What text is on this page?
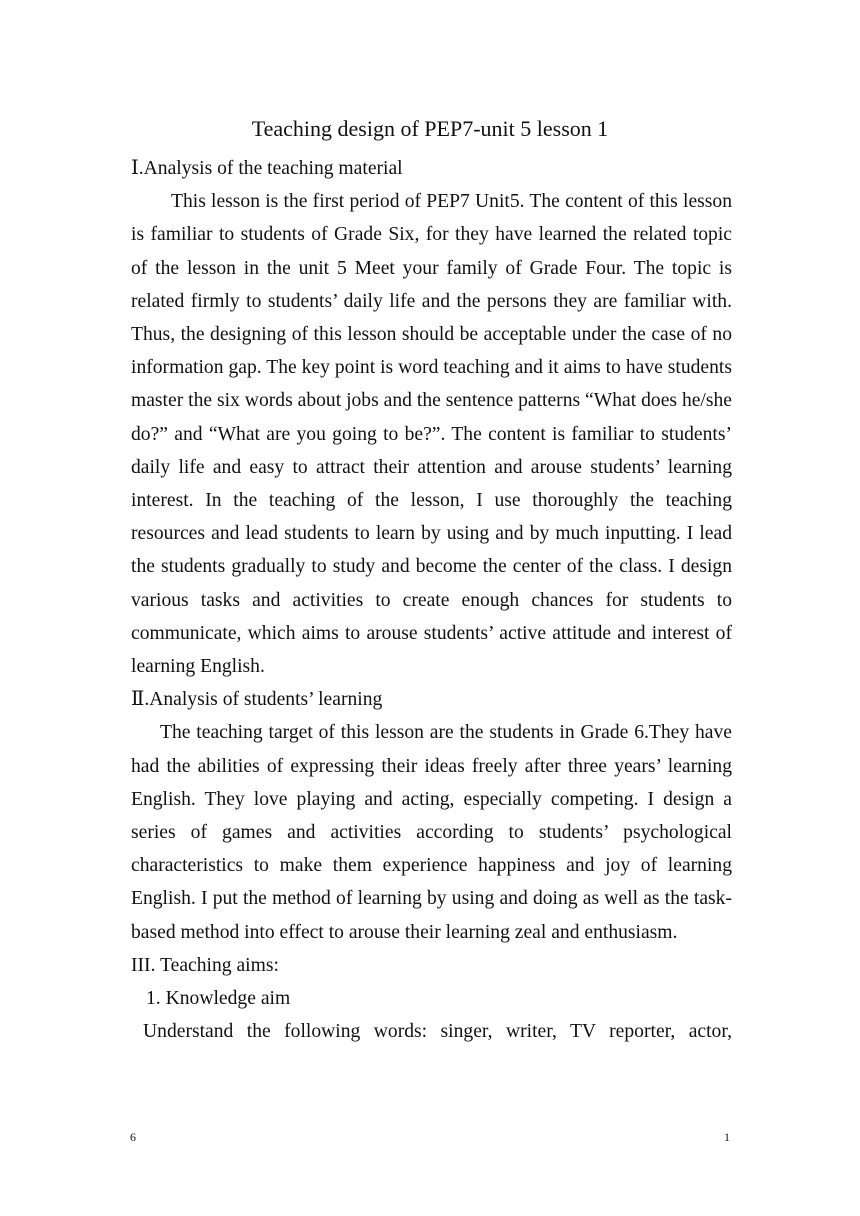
Teaching design of PEP7-unit 5 lesson 1

Ⅰ.Analysis of the teaching material

This lesson is the first period of PEP7 Unit5. The content of this lesson is familiar to students of Grade Six, for they have learned the related topic of the lesson in the unit 5 Meet your family of Grade Four. The topic is related firmly to students’ daily life and the persons they are familiar with. Thus, the designing of this lesson should be acceptable under the case of no information gap. The key point is word teaching and it aims to have students master the six words about jobs and the sentence patterns “What does he/she do?” and “What are you going to be?”. The content is familiar to students’ daily life and easy to attract their attention and arouse students’ learning interest. In the teaching of the lesson, I use thoroughly the teaching resources and lead students to learn by using and by much inputting. I lead the students gradually to study and become the center of the class. I design various tasks and activities to create enough chances for students to communicate, which aims to arouse students’ active attitude and interest of learning English.

Ⅱ.Analysis of students’ learning

The teaching target of this lesson are the students in Grade 6.They have had the abilities of expressing their ideas freely after three years’ learning English. They love playing and acting, especially competing. I design a series of games and activities according to students’ psychological characteristics to make them experience happiness and joy of learning English. I put the method of learning by using and doing as well as the task-based method into effect to arouse their learning zeal and enthusiasm.

III. Teaching aims:

1. Knowledge aim

Understand the following words: singer, writer, TV reporter, actor,

6	1
